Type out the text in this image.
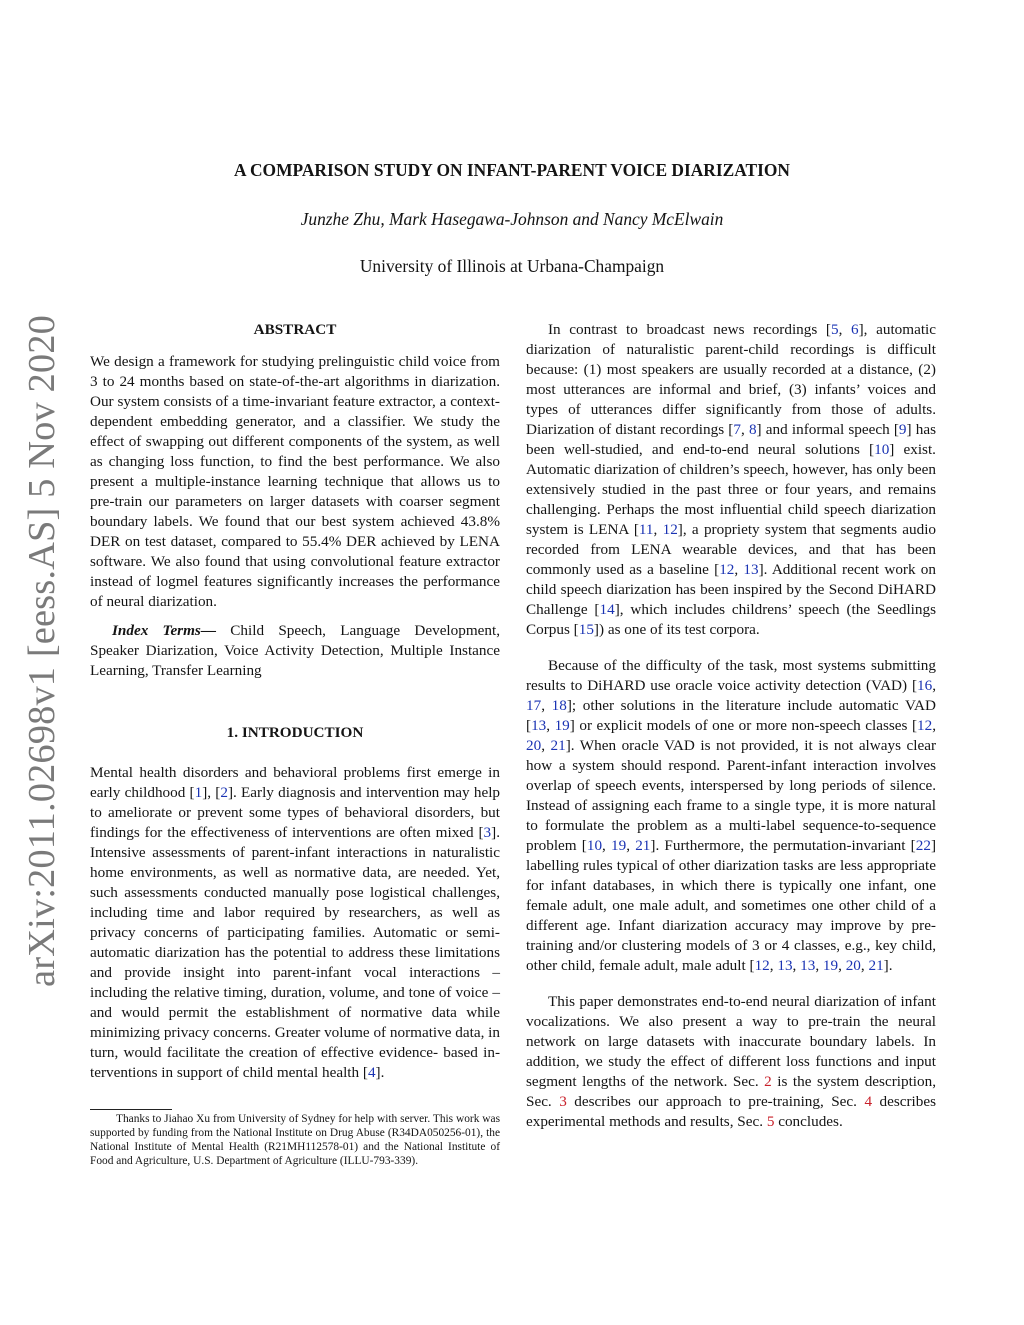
arXiv:2011.02698v1 [eess.AS] 5 Nov 2020
A COMPARISON STUDY ON INFANT-PARENT VOICE DIARIZATION
Junzhe Zhu, Mark Hasegawa-Johnson and Nancy McElwain
University of Illinois at Urbana-Champaign

ABSTRACT

We design a framework for studying prelinguistic child voice from 3 to 24 months based on state-of-the-art algorithms in diarization. Our system consists of a time-invariant feature extractor, a context-dependent embedding generator, and a classifier. We study the effect of swapping out different components of the system, as well as changing loss function, to find the best performance. We also present a multiple-instance learning technique that allows us to pre-train our parameters on larger datasets with coarser segment boundary labels. We found that our best system achieved 43.8% DER on test dataset, compared to 55.4% DER achieved by LENA software. We also found that using convolutional feature extractor instead of logmel features significantly increases the performance of neural diarization.

Index Terms— Child Speech, Language Development, Speaker Diarization, Voice Activity Detection, Multiple Instance Learning, Transfer Learning

1. INTRODUCTION

Mental health disorders and behavioral problems first emerge in early childhood [1], [2]. Early diagnosis and intervention may help to ameliorate or prevent some types of behavioral disorders, but findings for the effectiveness of interventions are often mixed [3]. Intensive assessments of parent-infant interactions in naturalistic home environments, as well as normative data, are needed. Yet, such assessments conducted manually pose logistical challenges, including time and labor required by researchers, as well as privacy concerns of participating families. Automatic or semi-automatic diarization has the potential to address these limitations and provide insight into parent-infant vocal interactions – including the relative timing, duration, volume, and tone of voice – and would permit the establishment of normative data while minimizing privacy concerns. Greater volume of normative data, in turn, would facilitate the creation of effective evidence- based interventions in support of child mental health [4].

Thanks to Jiahao Xu from University of Sydney for help with server. This work was supported by funding from the National Institute on Drug Abuse (R34DA050256-01), the National Institute of Mental Health (R21MH112578-01) and the National Institute of Food and Agriculture, U.S. Department of Agriculture (ILLU-793-339).

In contrast to broadcast news recordings [5, 6], automatic diarization of naturalistic parent-child recordings is difficult because: (1) most speakers are usually recorded at a distance, (2) most utterances are informal and brief, (3) infants’ voices and types of utterances differ significantly from those of adults. Diarization of distant recordings [7, 8] and informal speech [9] has been well-studied, and end-to-end neural solutions [10] exist. Automatic diarization of children’s speech, however, has only been extensively studied in the past three or four years, and remains challenging. Perhaps the most influential child speech diarization system is LENA [11, 12], a propriety system that segments audio recorded from LENA wearable devices, and that has been commonly used as a baseline [12, 13]. Additional recent work on child speech diarization has been inspired by the Second DiHARD Challenge [14], which includes childrens’ speech (the Seedlings Corpus [15]) as one of its test corpora.

Because of the difficulty of the task, most systems submitting results to DiHARD use oracle voice activity detection (VAD) [16, 17, 18]; other solutions in the literature include automatic VAD [13, 19] or explicit models of one or more non-speech classes [12, 20, 21]. When oracle VAD is not provided, it is not always clear how a system should respond. Parent-infant interaction involves overlap of speech events, interspersed by long periods of silence. Instead of assigning each frame to a single type, it is more natural to formulate the problem as a multi-label sequence-to-sequence problem [10, 19, 21]. Furthermore, the permutation-invariant [22] labelling rules typical of other diarization tasks are less appropriate for infant databases, in which there is typically one infant, one female adult, one male adult, and sometimes one other child of a different age. Infant diarization accuracy may improve by pre-training and/or clustering models of 3 or 4 classes, e.g., key child, other child, female adult, male adult [12, 13, 13, 19, 20, 21].

This paper demonstrates end-to-end neural diarization of infant vocalizations. We also present a way to pre-train the neural network on large datasets with inaccurate boundary labels. In addition, we study the effect of different loss functions and input segment lengths of the network. Sec. 2 is the system description, Sec. 3 describes our approach to pre-training, Sec. 4 describes experimental methods and results, Sec. 5 concludes.
